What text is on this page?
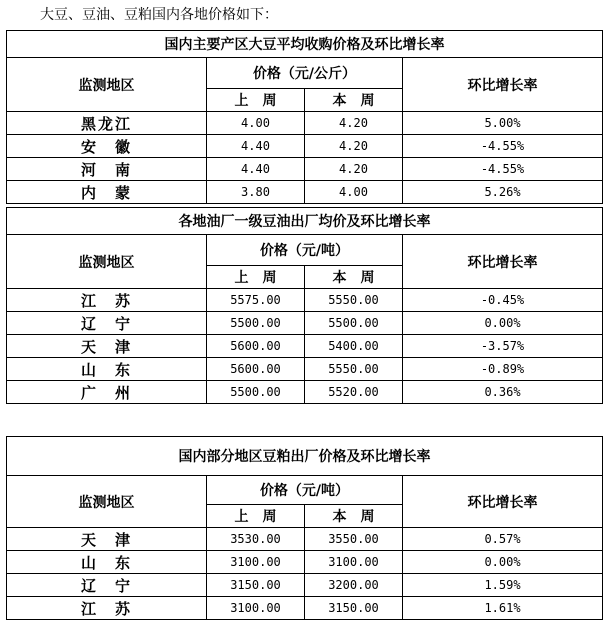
大豆、豆油、豆粕国内各地价格如下：
国内主要产区大豆平均收购价格及环比增长率			
监测地区	价格（元/公斤）		环比增长率
	上　周	本　周	
黑龙江	4.00	4.20	5.00%
安　徽	4.40	4.20	-4.55%
河　南	4.40	4.20	-4.55%
内　蒙	3.80	4.00	5.26%
各地油厂一级豆油出厂均价及环比增长率			
监测地区	价格（元/吨）		环比增长率
	上　周	本　周	
江　苏	5575.00	5550.00	-0.45%
辽　宁	5500.00	5500.00	0.00%
天　津	5600.00	5400.00	-3.57%
山　东	5600.00	5550.00	-0.89%
广　州	5500.00	5520.00	0.36%
国内部分地区豆粕出厂价格及环比增长率			
监测地区	价格（元/吨）		环比增长率
	上　周	本　周	
天　津	3530.00	3550.00	0.57%
山　东	3100.00	3100.00	0.00%
辽　宁	3150.00	3200.00	1.59%
江　苏	3100.00	3150.00	1.61%
